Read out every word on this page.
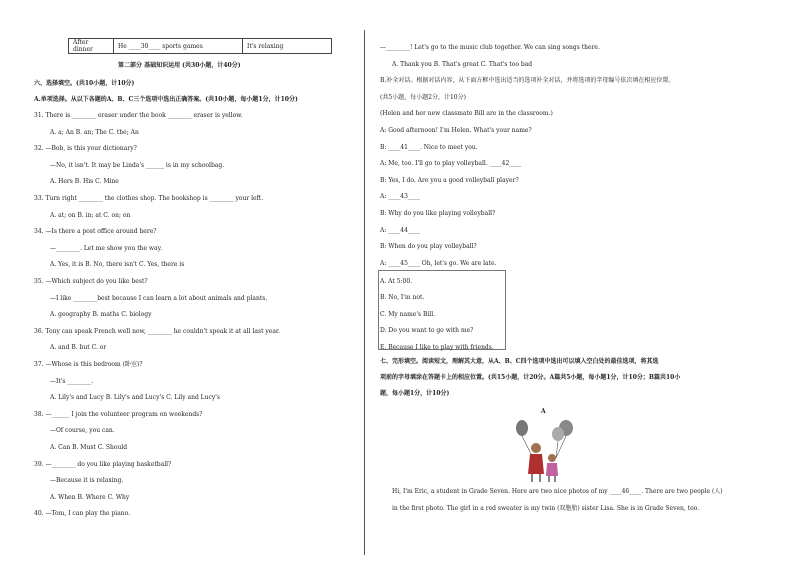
After dinner	He ____30____ sports games	It's relaxing
第二部分 基础知识运用 (共30小题，计40分)
六、选择填空。(共10小题，计10分)
A.单项选择。从以下各题的A、B、C三个选项中选出正确答案。(共10小题，每小题1分，计10分)
31. There is ________ eraser under the book ________ eraser is yellow.
A. a; An B. an; The C. the; An
32. —Bob, is this your dictionary?
—No, it isn't. It may be Linda's ______ is in my schoolbag.
A. Hers B. His C. Mine
33. Turn right ________ the clothes shop. The bookshop is ________ your left.
A. at; on B. in; at C. on; on
34. —Is there a post office around here?
—________. Let me show you the way.
A. Yes, it is B. No, there isn't C. Yes, there is
35. —Which subject do you like best?
—I like ________best because I can learn a lot about animals and plants.
A. geography B. maths C. biology
36. Tony can speak French well now, ________ he couldn't speak it at all last year.
A. and B. but C. or
37. —Whose is this bedroom (卧室)?
—It's ________.
A. Lily's and Lucy B. Lily's and Lucy's C. Lily and Lucy's
38. —______ I join the volunteer program on weekends?
—Of course, you can.
A. Can B. Must C. Should
39. —________ do you like playing basketball?
—Because it is relaxing.
A. When B. Where C. Why
40. —Tom, I can play the piano.
—________! Let's go to the music club together. We can sing songs there.
A. Thank you B. That's great C. That's too bad
B.补全对话。根据对话内容，从下面方框中选出适当的选项补全对话，并将选项的字母编号依次填在相应位置。
(共5小题，每小题2分，计10分)
(Helen and her new classmate Bill are in the classroom.)
A: Good afternoon! I'm Helen. What's your name?
B: ____41____. Nice to meet you.
A: Me, too. I'll go to play volleyball. ____42____
B: Yes, I do. Are you a good volleyball player?
A: ____43____
B: Why do you like playing volleyball?
A: ____44____
B: When do you play volleyball?
A: ____45____ Oh, let's go. We are late.
A. At 5:00.
B. No, I'm not.
C. My name's Bill.
D. Do you want to go with me?
E. Because I like to play with friends.
七、完形填空。阅读短文，理解其大意，从A、B、C四个选项中选出可以填入空白处的最佳选项，将其选
项前的字母填涂在答题卡上的相应位置。(共15小题，计20分。A篇共5小题，每小题1分，计10分；B篇共10小
题，每小题1分，计10分)
A
Hi, I'm Eric, a student in Grade Seven. Here are two nice photos of my ____46____. There are two people (人)
in the first photo. The girl in a red sweater is my twin (双胞胎) sister Lisa. She is in Grade Seven, too.
